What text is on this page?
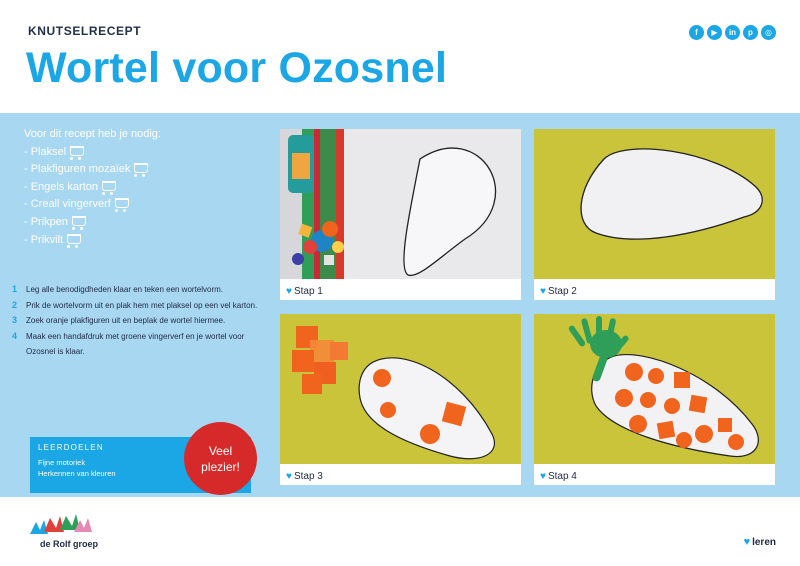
KNUTSELRECEPT
Wortel voor Ozosnel
f	▶	in	p	◎
Voor dit recept heb je nodig:
- Plaksel
- Plakfiguren mozaïek
- Engels karton
- Creall vingerverf
- Prikpen
- Prikvilt
1	Leg alle benodigdheden klaar en teken een wortelvorm.
2	Prik de wortelvorm uit en plak hem met plaksel op een vel karton.
3	Zoek oranje plakfiguren uit en beplak de wortel hiermee.
4	Maak een handafdruk met groene vingerverf en je wortel voor Ozosnel is klaar.
LEERDOELEN
Fijne motoriek
Herkennen van kleuren
Veel
plezier!
♥ Stap 1	♥ Stap 2
♥ Stap 3	♥ Stap 4
de Rolf groep	♥ leren
